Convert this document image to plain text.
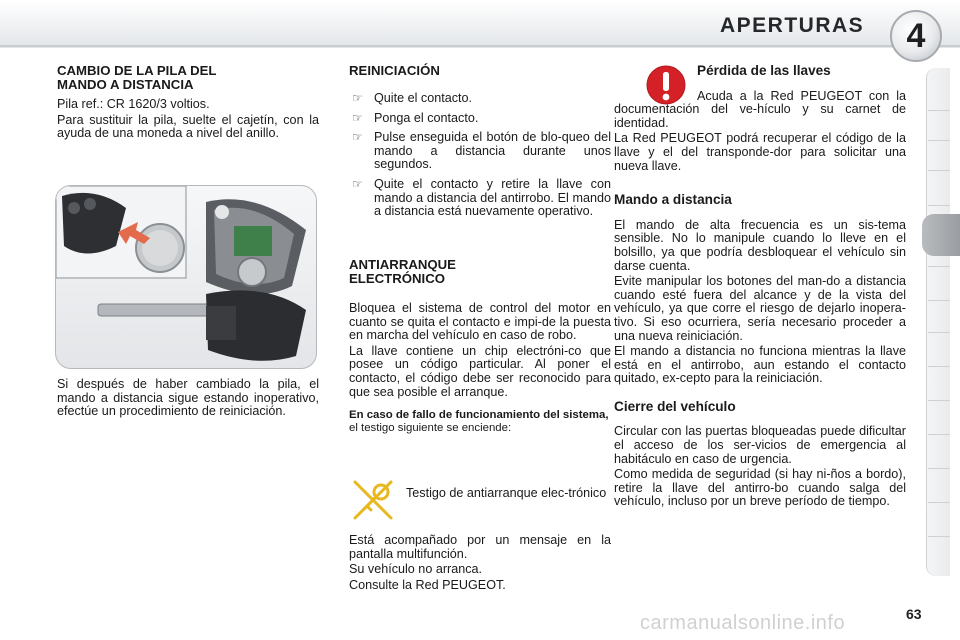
APERTURAS	4
CAMBIO DE LA PILA DEL
MANDO A DISTANCIA

Pila ref.: CR 1620/3 voltios.

Para sustituir la pila, suelte el cajetín, con la ayuda de una moneda a nivel del anillo.

Si después de haber cambiado la pila, el mando a distancia sigue estando inoperativo, efectúe un procedimiento de reiniciación.

REINICIACIÓN
☞ Quite el contacto.
☞ Ponga el contacto.
☞ Pulse enseguida el botón de blo-queo del mando a distancia durante unos segundos.
☞ Quite el contacto y retire la llave con mando a distancia del antirrobo. El mando a distancia está nuevamente operativo.
ANTIARRANQUE
ELECTRÓNICO

Bloquea el sistema de control del motor en cuanto se quita el contacto e impi-de la puesta en marcha del vehículo en caso de robo.

La llave contiene un chip electróni-co que posee un código particular. Al poner el contacto, el código debe ser reconocido para que sea posible el arranque.

En caso de fallo de funcionamiento del sistema, el testigo siguiente se enciende:

Testigo de antiarranque elec-trónico

Está acompañado por un mensaje en la pantalla multifunción.

Su vehículo no arranca.

Consulte la Red PEUGEOT.

Pérdida de las llaves

Acuda a la Red PEUGEOT con la documentación del ve-hículo y su carnet de identidad.

La Red PEUGEOT podrá recuperar el código de la llave y el del transponde-dor para solicitar una nueva llave.

Mando a distancia

El mando de alta frecuencia es un sis-tema sensible. No lo manipule cuando lo lleve en el bolsillo, ya que podría desbloquear el vehículo sin darse cuenta.

Evite manipular los botones del man-do a distancia cuando esté fuera del alcance y de la vista del vehículo, ya que corre el riesgo de dejarlo inopera-tivo. Si eso ocurriera, sería necesario proceder a una nueva reiniciación.

El mando a distancia no funciona mientras la llave está en el antirrobo, aun estando el contacto quitado, ex-cepto para la reiniciación.

Cierre del vehículo

Circular con las puertas bloqueadas puede dificultar el acceso de los ser-vicios de emergencia al habitáculo en caso de urgencia.

Como medida de seguridad (si hay ni-ños a bordo), retire la llave del antirro-bo cuando salga del vehículo, incluso por un breve período de tiempo.

63
carmanualsonline.info
